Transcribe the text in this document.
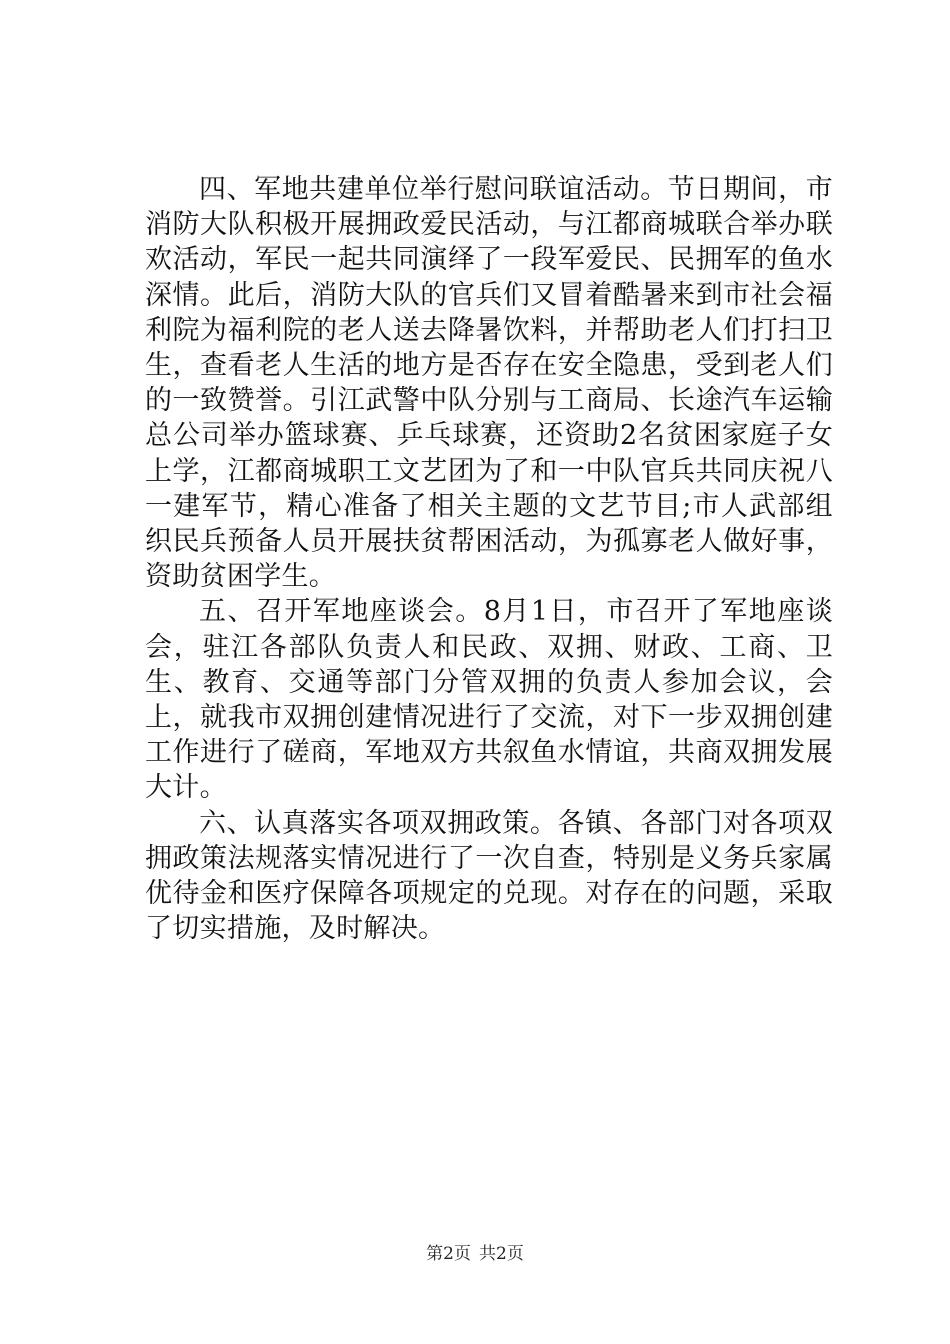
四、军地共建单位举行慰问联谊活动。节日期间，市消防大队积极开展拥政爱民活动，与江都商城联合举办联欢活动，军民一起共同演绎了一段军爱民、民拥军的鱼水深情。此后，消防大队的官兵们又冒着酷暑来到市社会福利院为福利院的老人送去降暑饮料，并帮助老人们打扫卫生，查看老人生活的地方是否存在安全隐患，受到老人们的一致赞誉。引江武警中队分别与工商局、长途汽车运输总公司举办篮球赛、乒乓球赛，还资助2名贫困家庭子女上学，江都商城职工文艺团为了和一中队官兵共同庆祝八一建军节，精心准备了相关主题的文艺节目;市人武部组织民兵预备人员开展扶贫帮困活动，为孤寡老人做好事，资助贫困学生。

五、召开军地座谈会。8月1日，市召开了军地座谈会，驻江各部队负责人和民政、双拥、财政、工商、卫生、教育、交通等部门分管双拥的负责人参加会议，会上，就我市双拥创建情况进行了交流，对下一步双拥创建工作进行了磋商，军地双方共叙鱼水情谊，共商双拥发展大计。

六、认真落实各项双拥政策。各镇、各部门对各项双拥政策法规落实情况进行了一次自查，特别是义务兵家属优待金和医疗保障各项规定的兑现。对存在的问题，采取了切实措施，及时解决。

第2页 共2页
